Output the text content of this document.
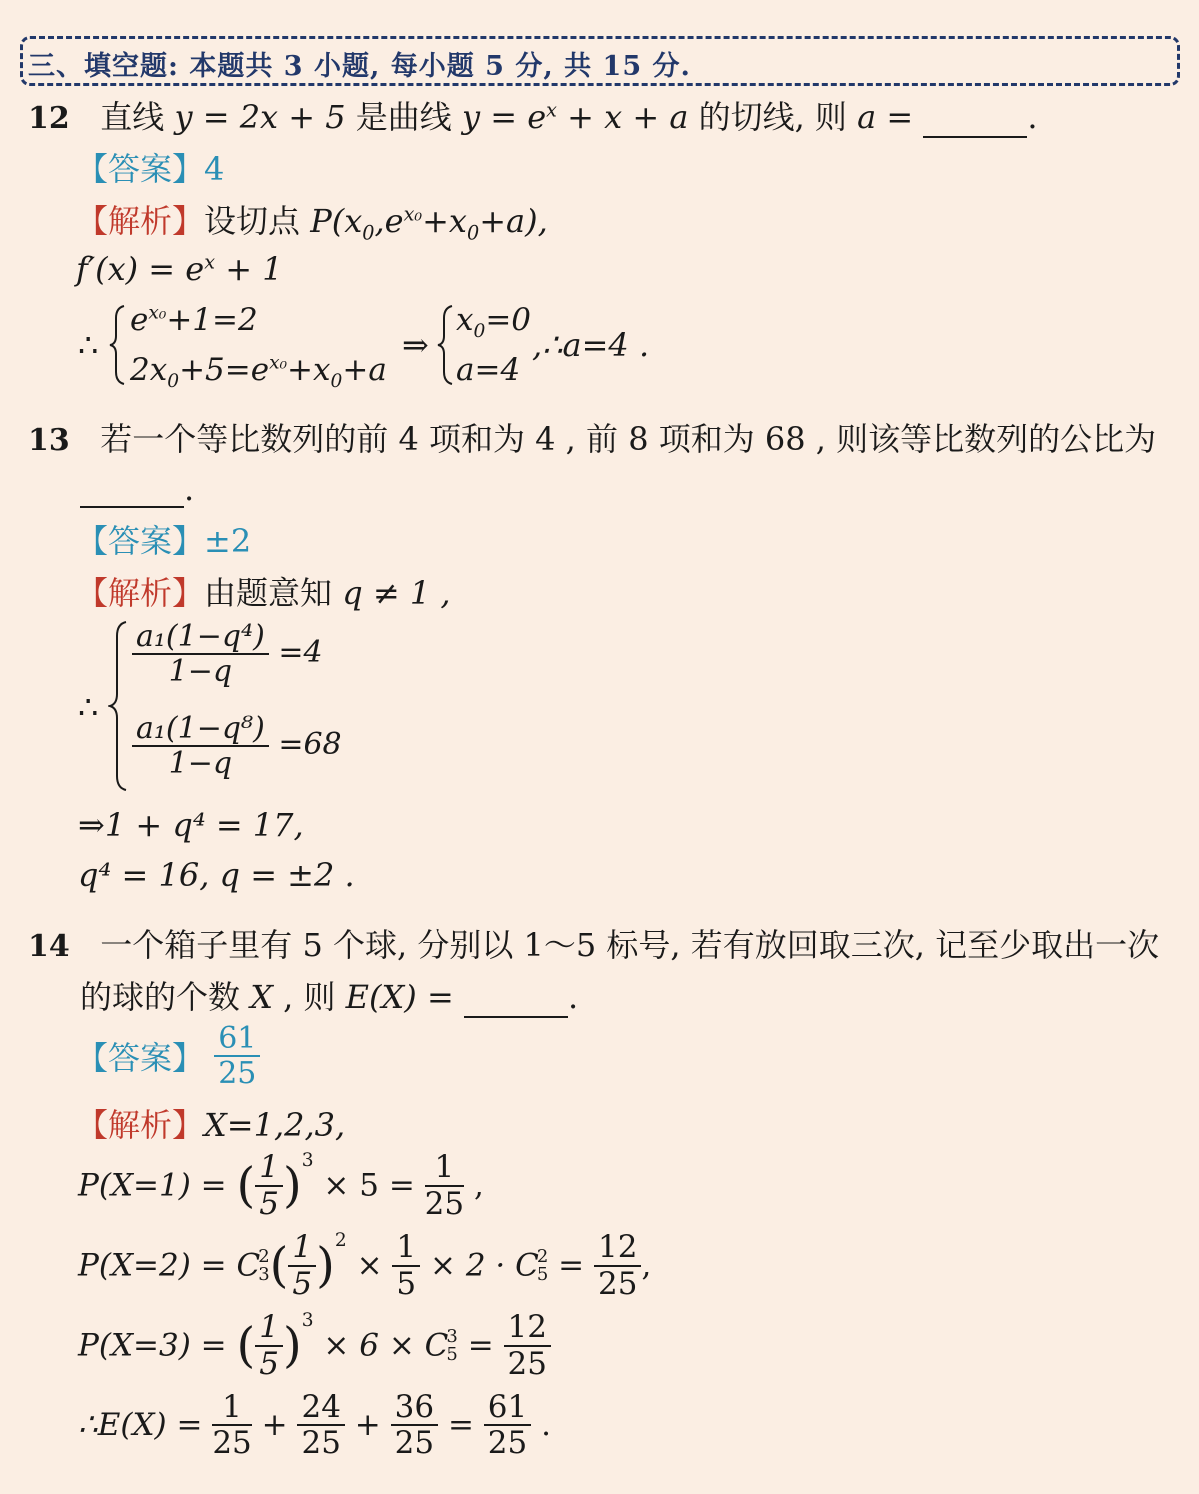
三、填空题: 本题共 3 小题, 每小题 5 分, 共 15 分.
12 直线 y = 2x + 5 是曲线 $y = e^x + x + a$ 的切线, 则 a =	.
【答案】4
【解析】设切点 $P(x_0,e^{x_0}+x_0+a)$,
$f'(x) = e^x + 1$
∴
$e^{x_0}+1=2$
$2x_0+5=e^{x_0}+x_0+a$
⇒
$x_0=0$
a=4
,∴a=4 .
13 若一个等比数列的前 4 项和为 4 , 前 8 项和为 68 , 则该等比数列的公比为
.
【答案】±2
【解析】由题意知 q ≠ 1 ,
∴
$\frac{\text{a₁(1−q⁴)}}{1-q} =4$
$\frac{\text{a₁(1−q⁸)}}{1-q} =68$
⇒1 + q⁴ = 17,
q⁴ = 16, q = ±2 .
14 一个箱子里有 5 个球, 分别以 1～5 标号, 若有放回取三次, 记至少取出一次
的球的个数 X , 则 E(X) =	.
【答案】 $\frac{61}{25}$
【解析】X=1,2,3,
P(X=1) = ( $\frac{1}{5} )^3 \times 5 = \frac{1}{25}$ ,
P(X=2) = C
2
3 ( $\frac{1}{5} )^2 \times \frac{1}{5} \times 2 \cdot C$
2
$5 = \frac{12}{25}$ ,
P(X=3) = ( $\frac{1}{5} )^3 \times 6 \times C$
3
$5 = \frac{12}{25}$
∴E(X) = $\frac{1}{25} + \frac{24}{25} + \frac{36}{25} = \frac{61}{25}$ .
